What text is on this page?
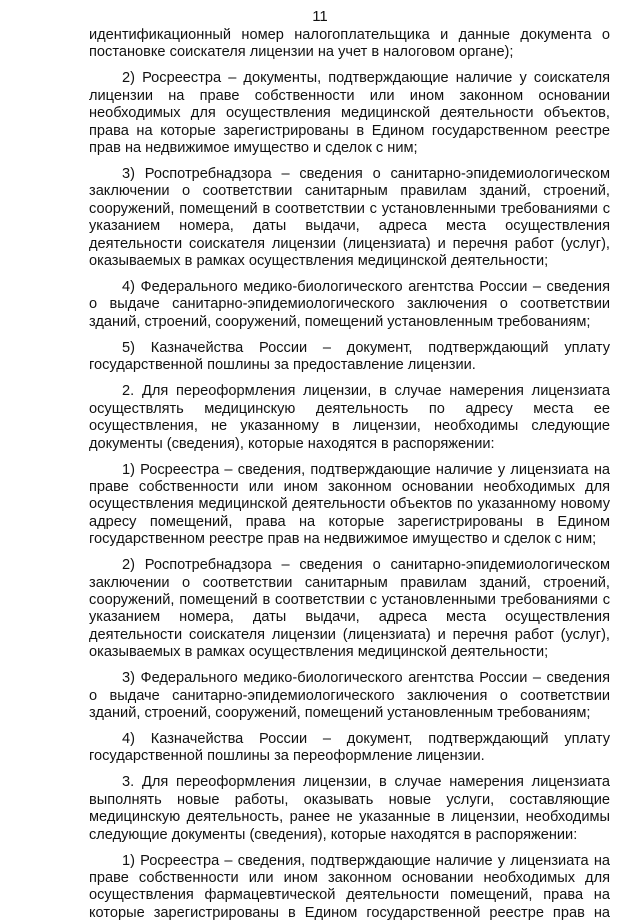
11

идентификационный номер налогоплательщика и данные документа о постановке соискателя лицензии на учет в налоговом органе);

2) Росреестра – документы, подтверждающие наличие у соискателя лицензии на праве собственности или ином законном основании необходимых для осуществления медицинской деятельности объектов, права на которые зарегистрированы в Едином государственном реестре прав на недвижимое имущество и сделок с ним;

3) Роспотребнадзора – сведения о санитарно-эпидемиологическом заключении о соответствии санитарным правилам зданий, строений, сооружений, помещений в соответствии с установленными требованиями с указанием номера, даты выдачи, адреса места осуществления деятельности соискателя лицензии (лицензиата) и перечня работ (услуг), оказываемых в рамках осуществления медицинской деятельности;

4) Федерального медико-биологического агентства России – сведения о выдаче санитарно-эпидемиологического заключения о соответствии зданий, строений, сооружений, помещений установленным требованиям;

5) Казначейства России – документ, подтверждающий уплату государственной пошлины за предоставление лицензии.

2. Для переоформления лицензии, в случае намерения лицензиата осуществлять медицинскую деятельность по адресу места ее осуществления, не указанному в лицензии, необходимы следующие документы (сведения), которые находятся в распоряжении:

1) Росреестра – сведения, подтверждающие наличие у лицензиата на праве собственности или ином законном основании необходимых для осуществления медицинской деятельности объектов по указанному новому адресу помещений, права на которые зарегистрированы в Едином государственном реестре прав на недвижимое имущество и сделок с ним;

2) Роспотребнадзора – сведения о санитарно-эпидемиологическом заключении о соответствии санитарным правилам зданий, строений, сооружений, помещений в соответствии с установленными требованиями с указанием номера, даты выдачи, адреса места осуществления деятельности соискателя лицензии (лицензиата) и перечня работ (услуг), оказываемых в рамках осуществления медицинской деятельности;

3) Федерального медико-биологического агентства России – сведения о выдаче санитарно-эпидемиологического заключения о соответствии зданий, строений, сооружений, помещений установленным требованиям;

4) Казначейства России – документ, подтверждающий уплату государственной пошлины за переоформление лицензии.

3. Для переоформления лицензии, в случае намерения лицензиата выполнять новые работы, оказывать новые услуги, составляющие медицинскую деятельность, ранее не указанные в лицензии, необходимы следующие документы (сведения), которые находятся в распоряжении:

1) Росреестра – сведения, подтверждающие наличие у лицензиата на праве собственности или ином законном основании необходимых для осуществления фармацевтической деятельности помещений, права на которые зарегистрированы в Едином государственной реестре прав на
